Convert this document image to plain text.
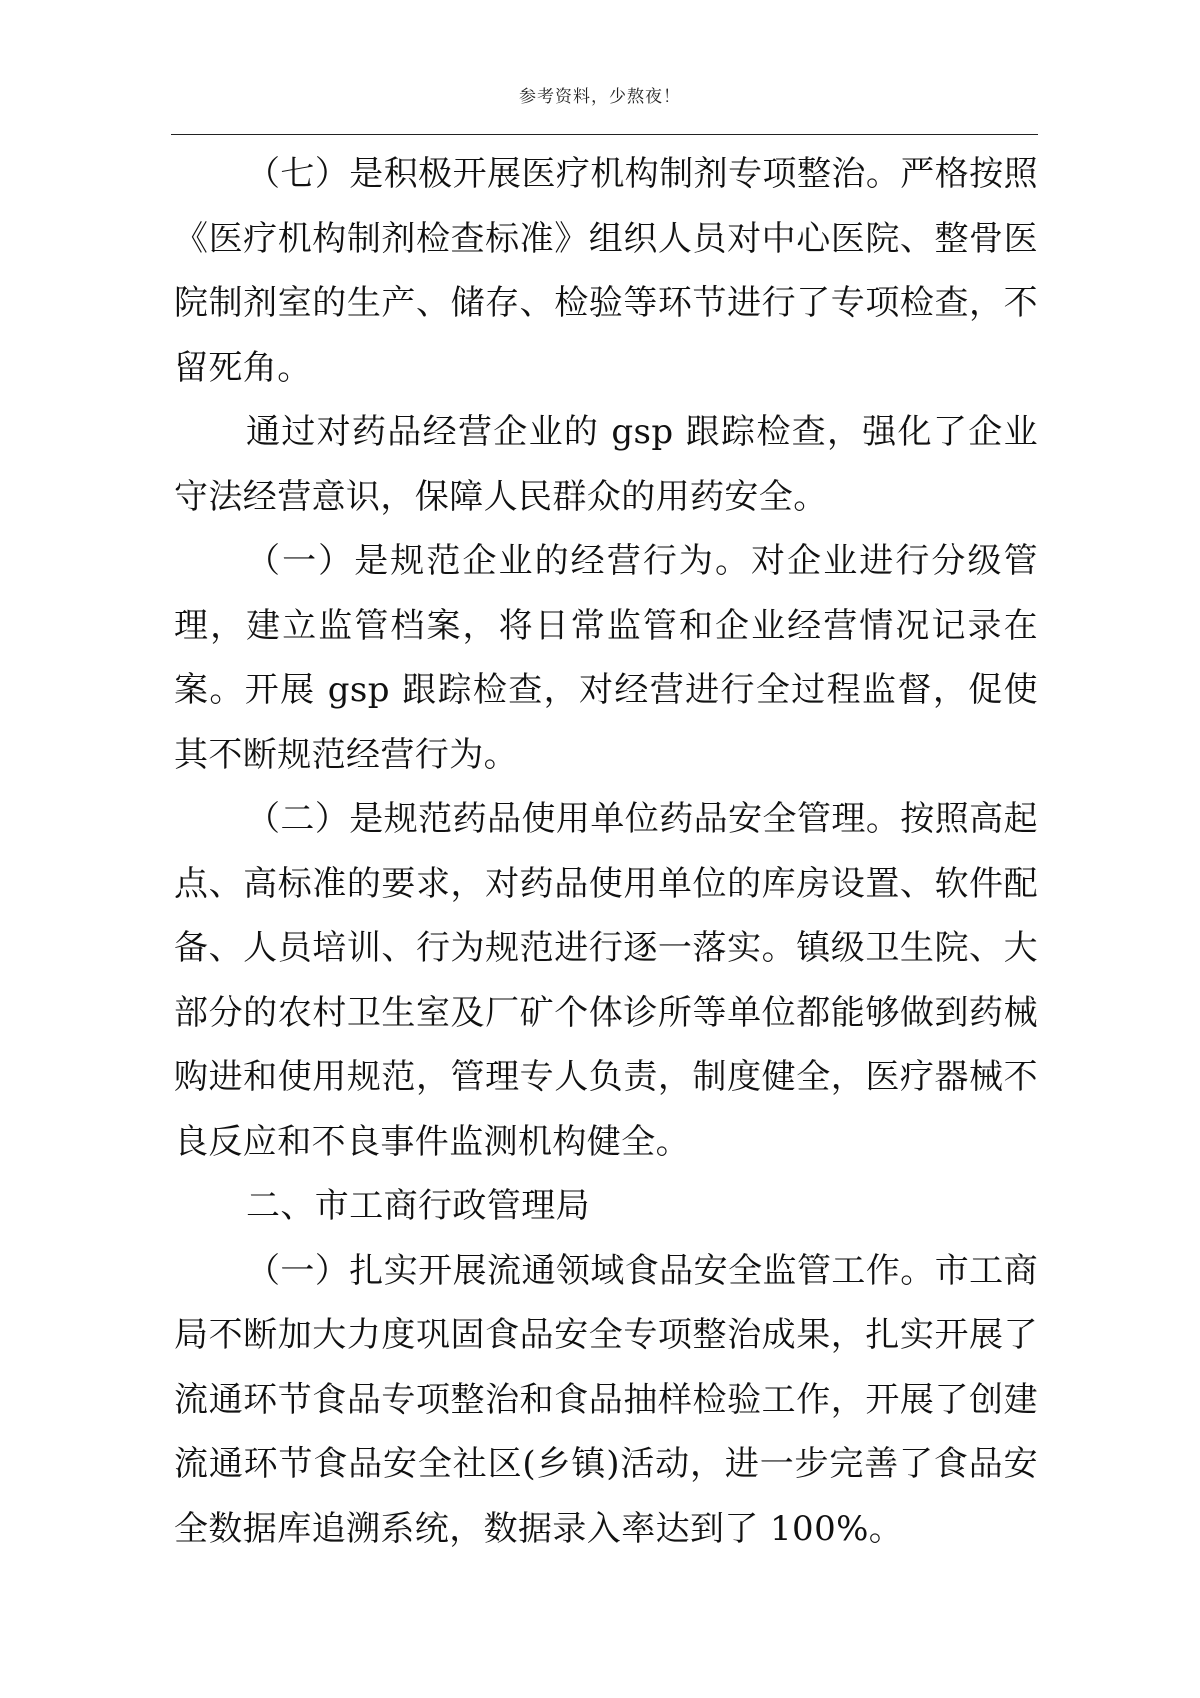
参考资料，少熬夜！

（七）是积极开展医疗机构制剂专项整治。严格按照《医疗机构制剂检查标准》组织人员对中心医院、整骨医院制剂室的生产、储存、检验等环节进行了专项检查，不留死角。

通过对药品经营企业的 gsp 跟踪检查，强化了企业守法经营意识，保障人民群众的用药安全。

（一）是规范企业的经营行为。对企业进行分级管理，建立监管档案，将日常监管和企业经营情况记录在案。开展 gsp 跟踪检查，对经营进行全过程监督，促使其不断规范经营行为。

（二）是规范药品使用单位药品安全管理。按照高起点、高标准的要求，对药品使用单位的库房设置、软件配备、人员培训、行为规范进行逐一落实。镇级卫生院、大部分的农村卫生室及厂矿个体诊所等单位都能够做到药械购进和使用规范，管理专人负责，制度健全，医疗器械不良反应和不良事件监测机构健全。

二、市工商行政管理局

（一）扎实开展流通领域食品安全监管工作。市工商局不断加大力度巩固食品安全专项整治成果，扎实开展了流通环节食品专项整治和食品抽样检验工作，开展了创建流通环节食品安全社区(乡镇)活动，进一步完善了食品安全数据库追溯系统，数据录入率达到了 100%。
